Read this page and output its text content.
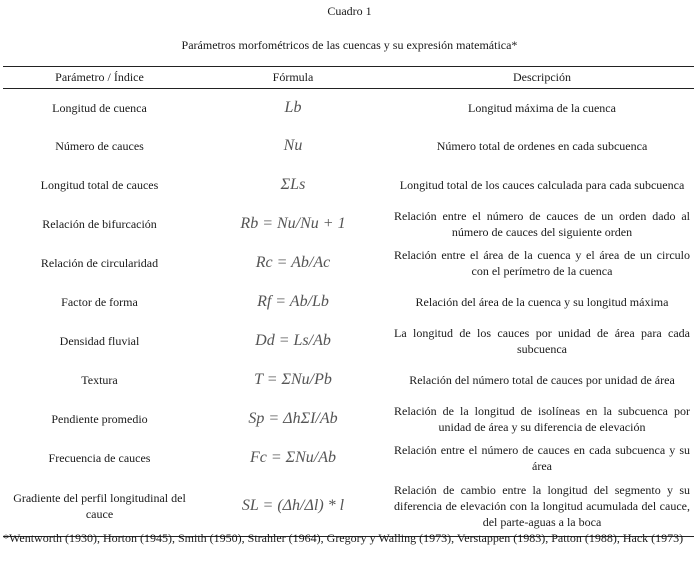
Cuadro 1
Parámetros morfométricos de las cuencas y su expresión matemática*
Parámetro / Índice	Fórmula	Descripción
Longitud de cuenca	Lb	Longitud máxima de la cuenca
Número de cauces	Nu	Número total de ordenes en cada subcuenca
Longitud total de cauces	ΣLs	Longitud total de los cauces calculada para cada subcuenca
Relación de bifurcación	Rb = Nu/Nu + 1	Relación entre el número de cauces de un orden dado al número de cauces del siguiente orden
Relación de circularidad	Rc = Ab/Ac	Relación entre el área de la cuenca y el área de un circulo con el perímetro de la cuenca
Factor de forma	Rf = Ab/Lb	Relación del área de la cuenca y su longitud máxima
Densidad fluvial	Dd = Ls/Ab	La longitud de los cauces por unidad de área para cada subcuenca
Textura	T = ΣNu/Pb	Relación del número total de cauces por unidad de área
Pendiente promedio	Sp = ΔhΣI/Ab	Relación de la longitud de isolíneas en la subcuenca por unidad de área y su diferencia de elevación
Frecuencia de cauces	Fc = ΣNu/Ab	Relación entre el número de cauces en cada subcuenca y su área
Gradiente del perfil longitudinal del cauce	SL = (Δh/Δl) * l	Relación de cambio entre la longitud del segmento y su diferencia de elevación con la longitud acumulada del cauce, del parte-aguas a la boca
*Wentworth (1930), Horton (1945), Smith (1950), Strahler (1964), Gregory y Walling (1973), Verstappen (1983), Patton (1988), Hack (1973)
